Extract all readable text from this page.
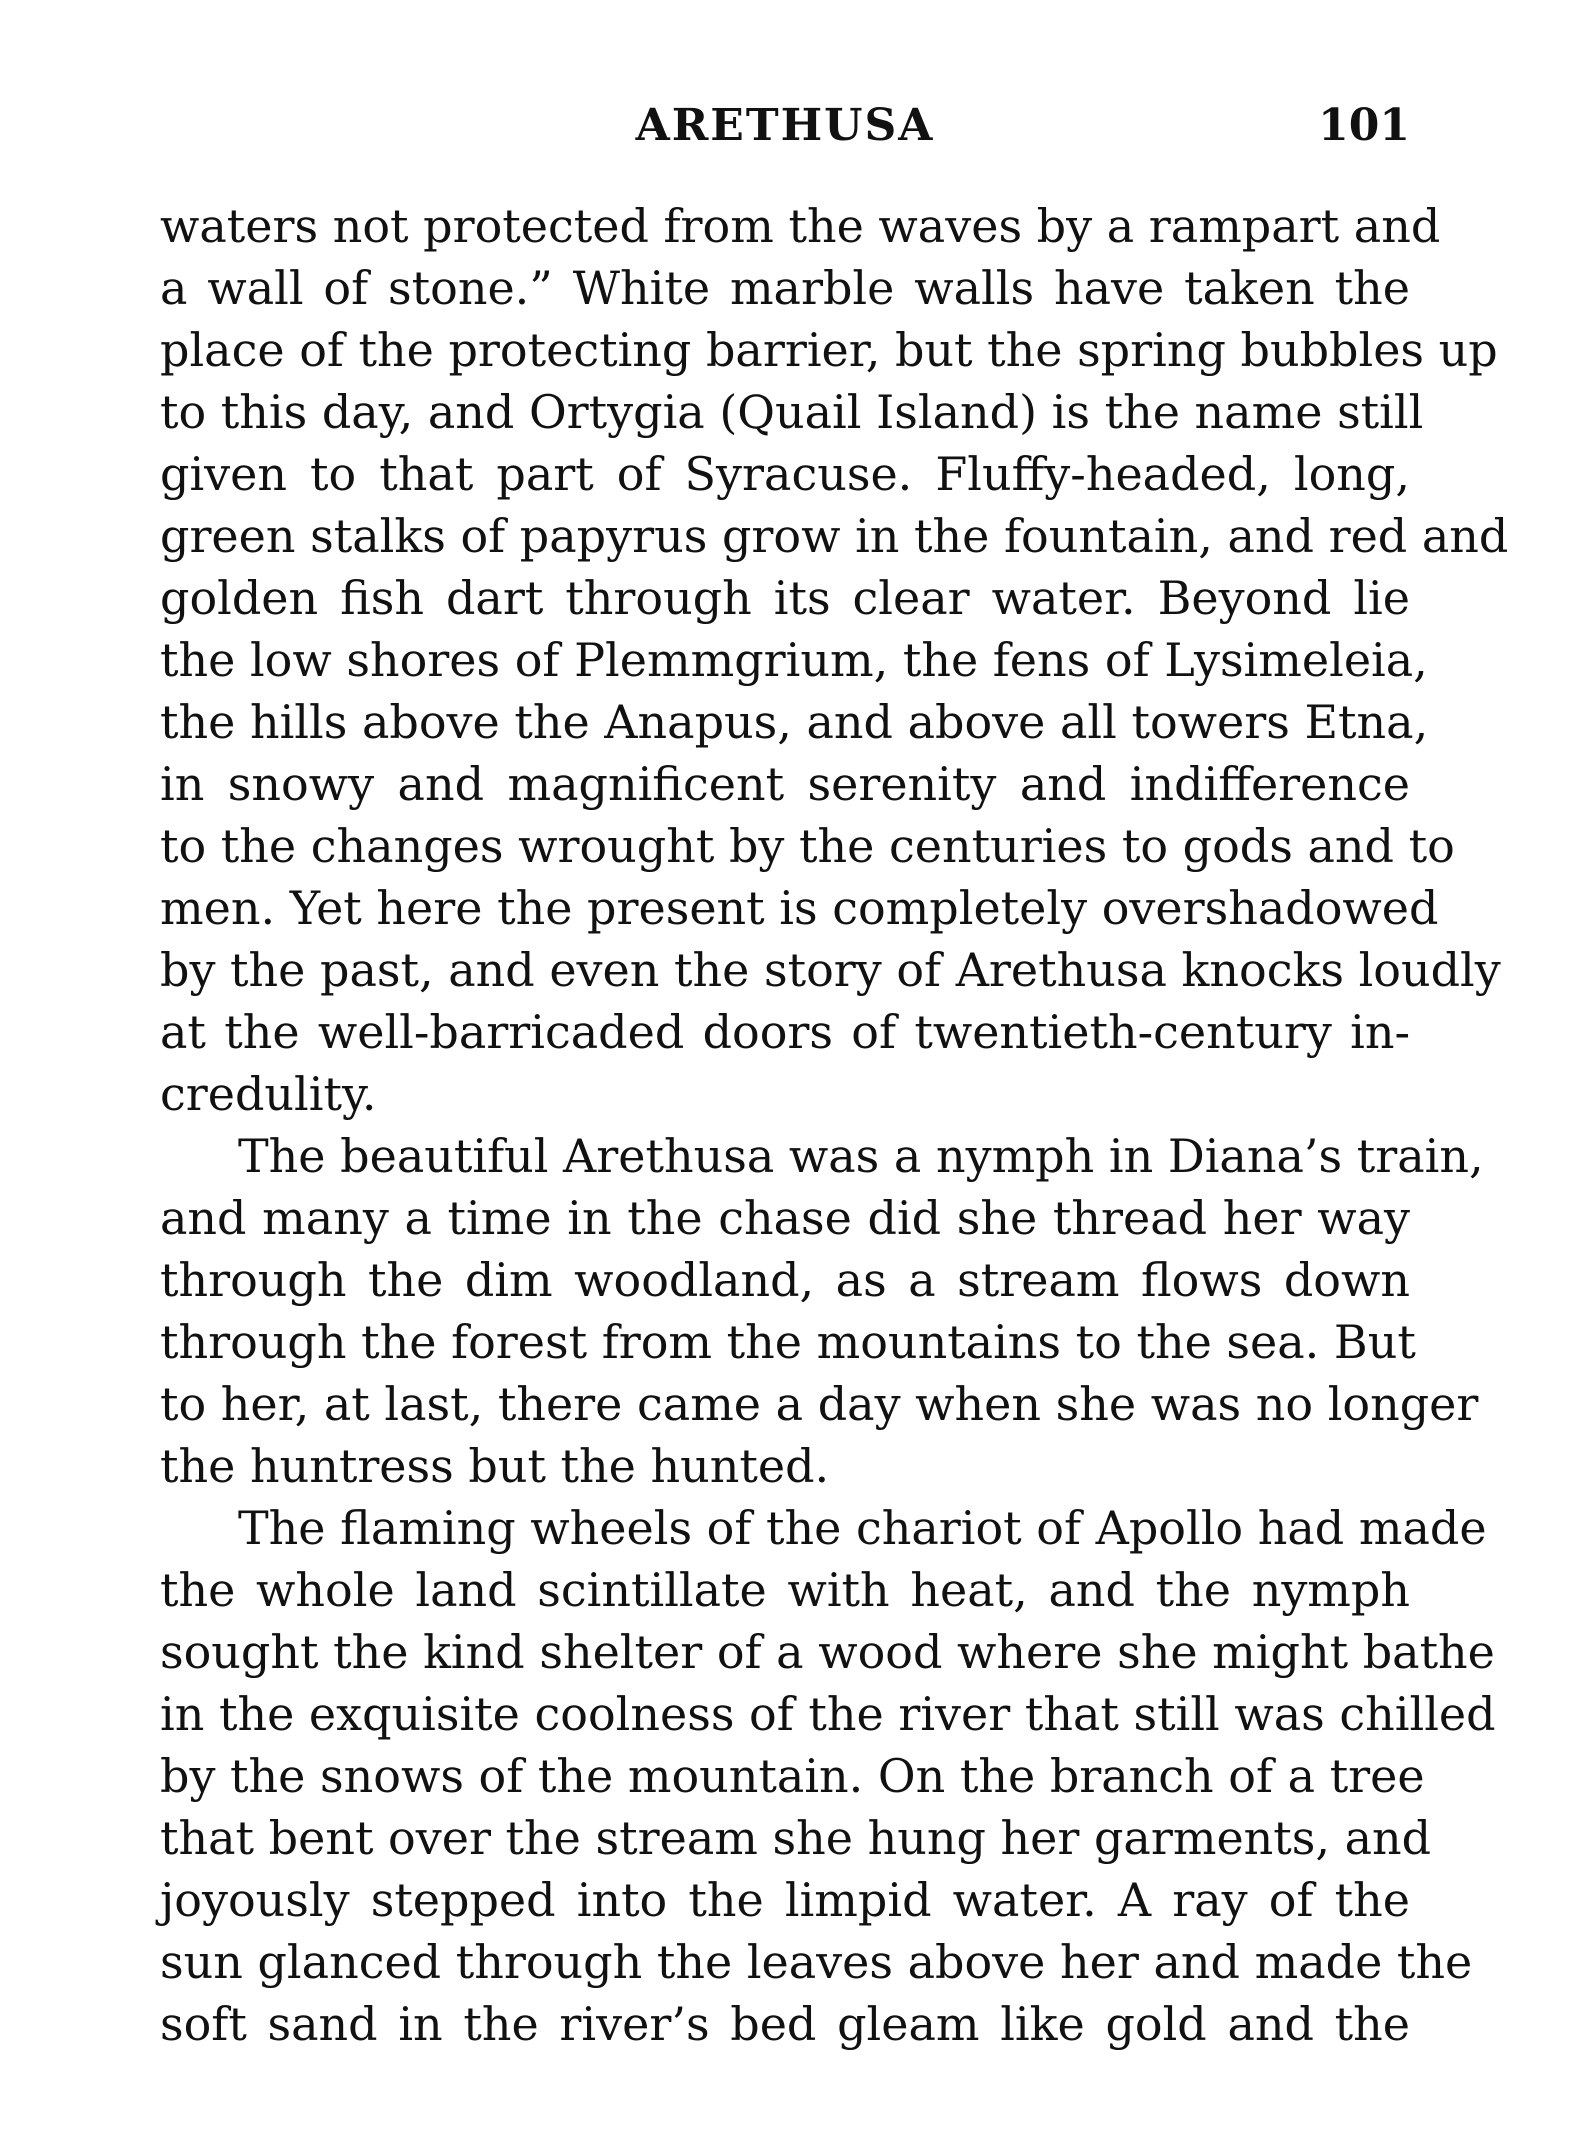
ARETHUSA	101
waters not protected from the waves by a rampart and
a wall of stone.” White marble walls have taken the
place of the protecting barrier, but the spring bubbles up
to this day, and Ortygia (Quail Island) is the name still
given to that part of Syracuse. Fluffy-headed, long,
green stalks of papyrus grow in the fountain, and red and
golden fish dart through its clear water. Beyond lie
the low shores of Plemmgrium, the fens of Lysimeleia,
the hills above the Anapus, and above all towers Etna,
in snowy and magnificent serenity and indifference
to the changes wrought by the centuries to gods and to
men. Yet here the present is completely overshadowed
by the past, and even the story of Arethusa knocks loudly
at the well-barricaded doors of twentieth-century in-
credulity.
The beautiful Arethusa was a nymph in Diana’s train,
and many a time in the chase did she thread her way
through the dim woodland, as a stream flows down
through the forest from the mountains to the sea. But
to her, at last, there came a day when she was no longer
the huntress but the hunted.
The flaming wheels of the chariot of Apollo had made
the whole land scintillate with heat, and the nymph
sought the kind shelter of a wood where she might bathe
in the exquisite coolness of the river that still was chilled
by the snows of the mountain. On the branch of a tree
that bent over the stream she hung her garments, and
joyously stepped into the limpid water. A ray of the
sun glanced through the leaves above her and made the
soft sand in the river’s bed gleam like gold and the
